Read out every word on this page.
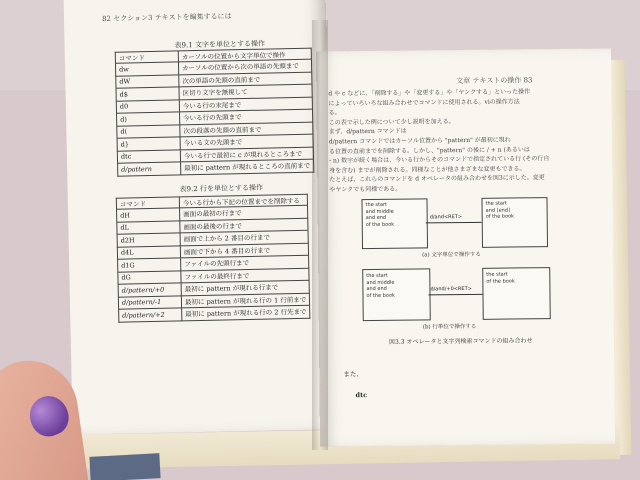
82 セクション3 テキストを編集するには
表9.1 文字を単位とする操作
コマンド	カーソルの位置から文字単位で操作
dw	カーソルの位置から次の単語の先頭まで
dW	次の単語の先頭の直前まで
d$	区切り文字を無視して
d0	今いる行の末尾まで
d)	今いる行の先頭まで
d(	次の段落の先頭の直前まで
d}	今いる文の先頭まで
dtc	今いる行で最初に c が現れるところまで
d/pattern	最初に pattern が現れるところの直前まで
表9.2 行を単位とする操作
コマンド	今いる行から下記の位置までを削除する
dH	画面の最初の行まで
dL	画面の最後の行まで
d2H	画面で上から 2 番目の行まで
d4L	画面で下から 4 番目の行まで
d1G	ファイルの先頭行まで
dG	ファイルの最終行まで
d/pattern/+0	最初に pattern が現れる行まで
d/pattern/-1	最初に pattern が現れる行の 1 行前まで
d/pattern/+2	最初に pattern が現れる行の 2 行先まで
文章 テキストの操作 83
d や c などに、「削除する」や「変更する」や「ヤンクする」といった操作
によっていろいろな組み合わせでコマンドに使用される。viの操作方法
る。
この表で示した例について少し説明を加える。
まず、d/pattern コマンドは
d/pattern コマンドではカーソル位置から "pattern" が最初に現れ
る位置の直前までを削除する。しかし、"pattern" の後に / + n (あるいは
- n) 数字が続く場合は、今いる行からそのコマンドで指定されている行 (その行自
身を含む) までが削除される。同様なことが他さまざまな変更もできる。
たとえば、これらのコマンドを d オペレータの組み合わせを図3に示した。変更
やヤンクでも同様である。
the start
and middle
and end
of the book
d/and<RET>
the start
and [end]
of the book
(a) 文字単位で操作する
the start
and middle
and end
of the book
d/and/+0<RET>
the start
of the book
(b) 行単位で操作する
図3.3 オペレータと文字列検索コマンドの組み合わせ
また、
dtc
